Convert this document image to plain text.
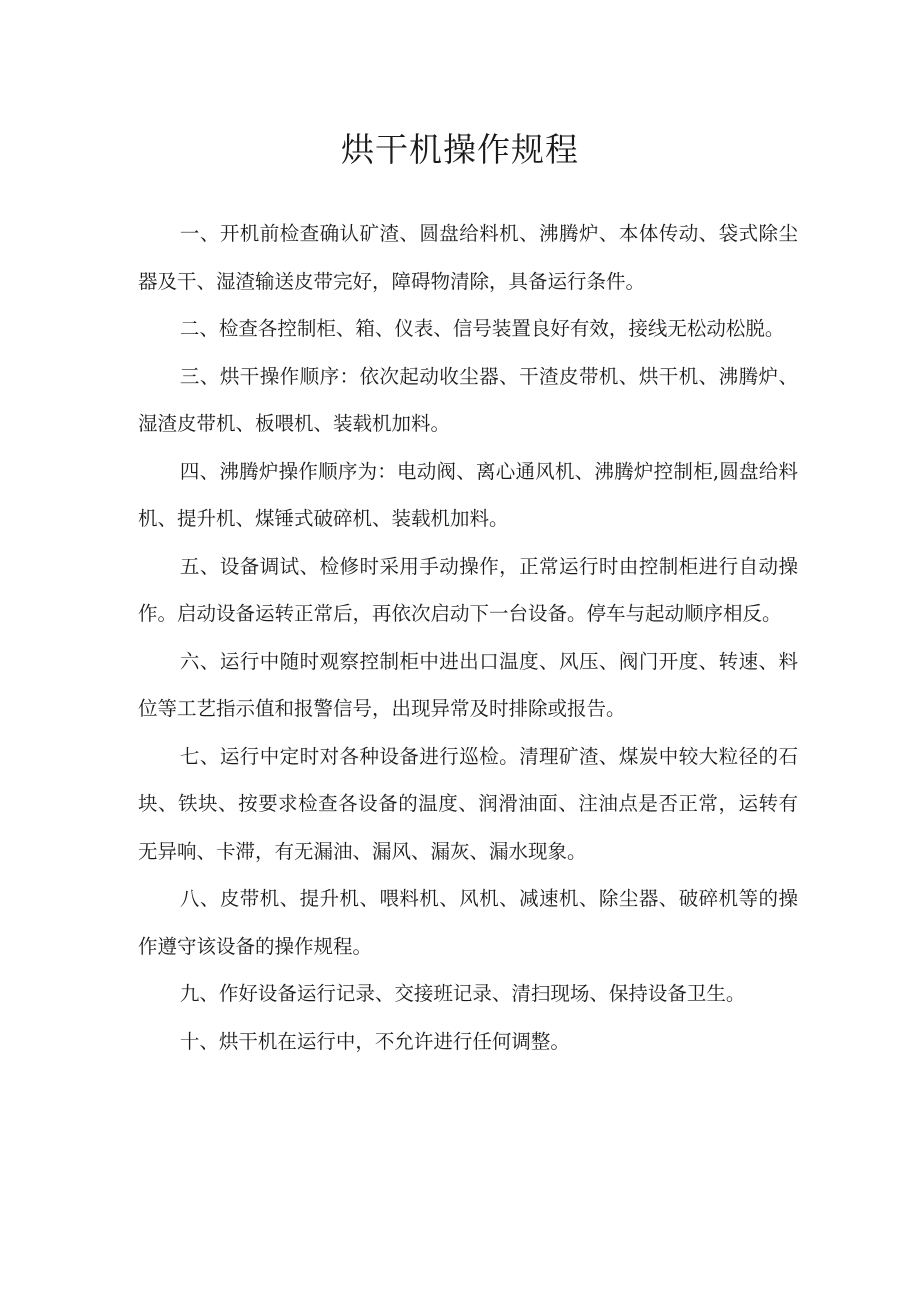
烘干机操作规程

一、开机前检查确认矿渣、圆盘给料机、沸腾炉、本体传动、袋式除尘器及干、湿渣输送皮带完好，障碍物清除，具备运行条件。

二、检查各控制柜、箱、仪表、信号装置良好有效，接线无松动松脱。

三、烘干操作顺序：依次起动收尘器、干渣皮带机、烘干机、沸腾炉、湿渣皮带机、板喂机、装载机加料。

四、沸腾炉操作顺序为：电动阀、离心通风机、沸腾炉控制柜,圆盘给料机、提升机、煤锤式破碎机、装载机加料。

五、设备调试、检修时采用手动操作，正常运行时由控制柜进行自动操作。启动设备运转正常后，再依次启动下一台设备。停车与起动顺序相反。

六、运行中随时观察控制柜中进出口温度、风压、阀门开度、转速、料位等工艺指示值和报警信号，出现异常及时排除或报告。

七、运行中定时对各种设备进行巡检。清理矿渣、煤炭中较大粒径的石块、铁块、按要求检查各设备的温度、润滑油面、注油点是否正常，运转有无异响、卡滞，有无漏油、漏风、漏灰、漏水现象。

八、皮带机、提升机、喂料机、风机、减速机、除尘器、破碎机等的操作遵守该设备的操作规程。

九、作好设备运行记录、交接班记录、清扫现场、保持设备卫生。

十、烘干机在运行中，不允许进行任何调整。
